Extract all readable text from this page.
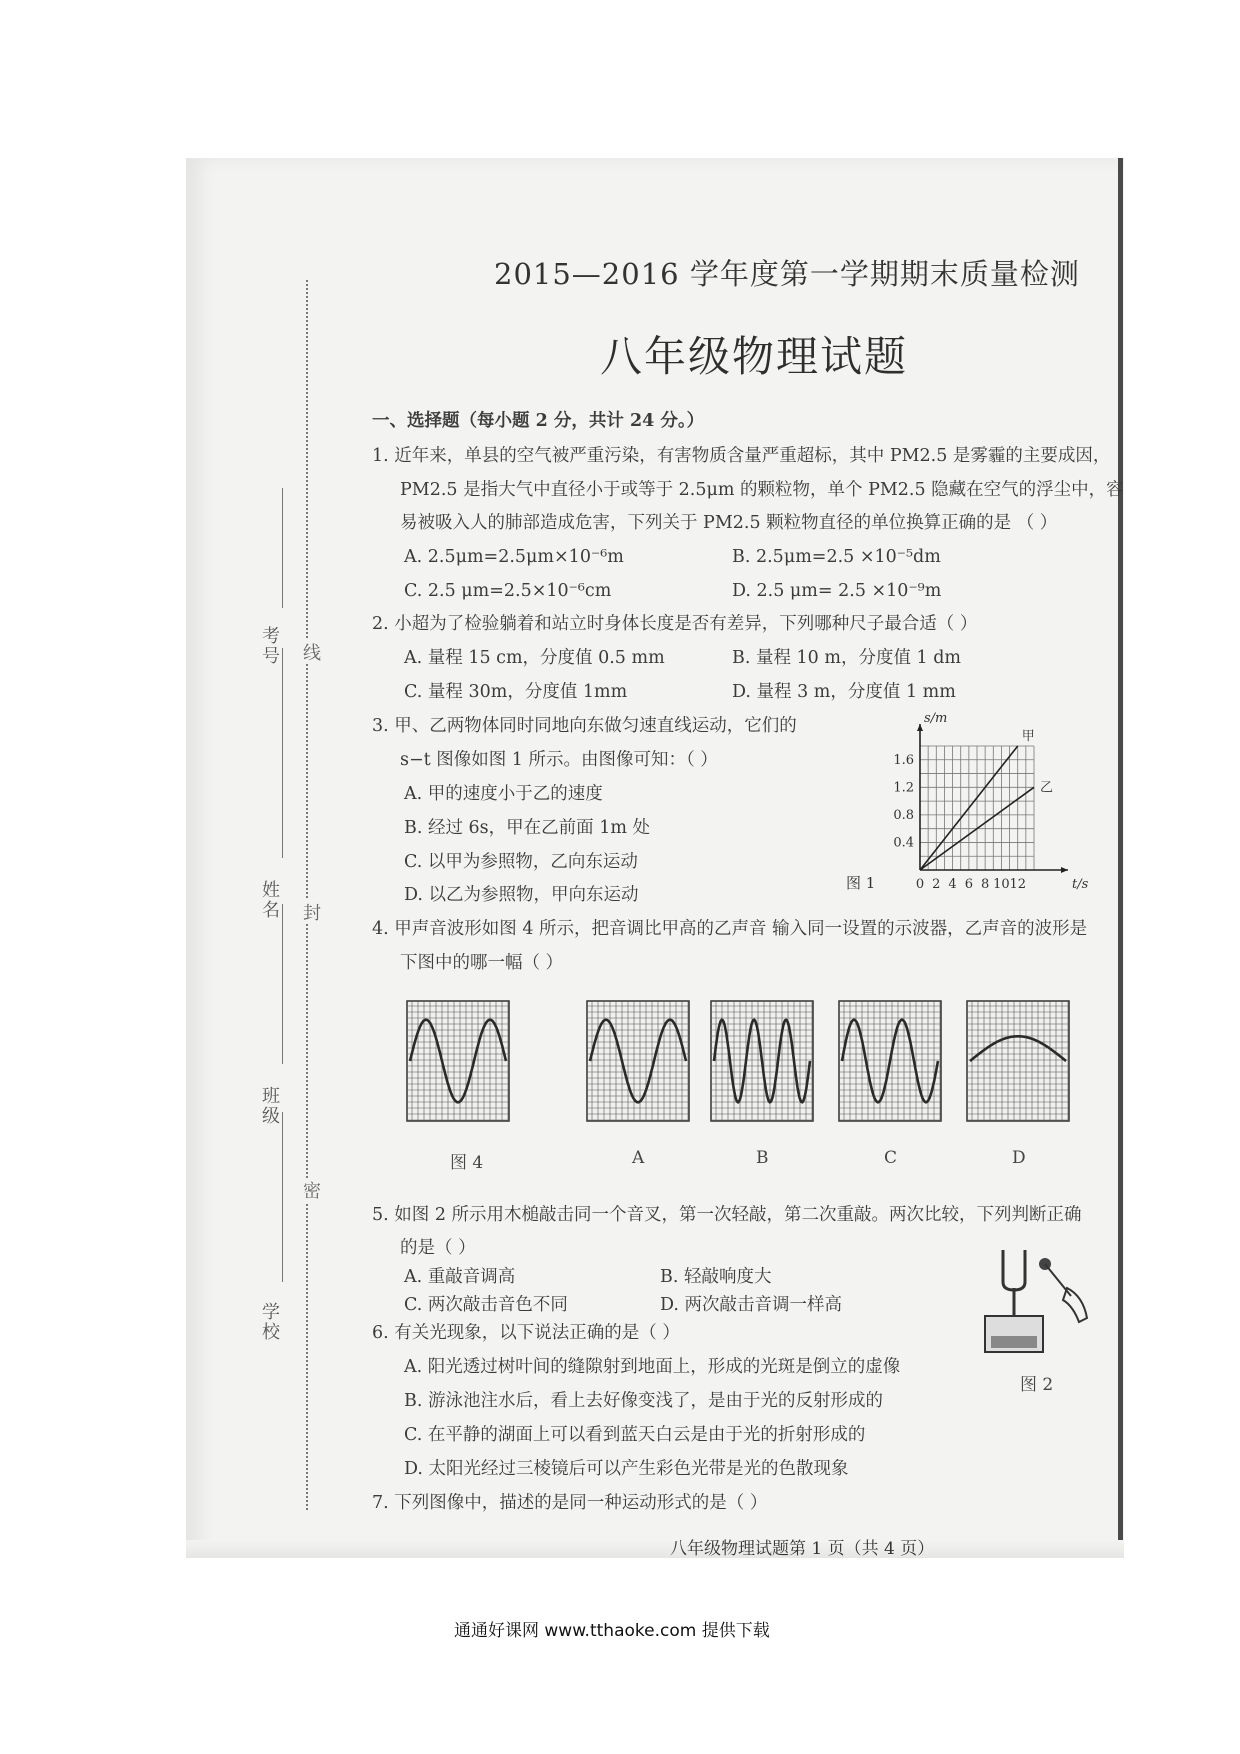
考号
姓名
班级
学校
线
封
密
2015—2016 学年度第一学期期末质量检测
八年级物理试题
一、选择题（每小题 2 分，共计 24 分。）
1. 近年来，单县的空气被严重污染，有害物质含量严重超标，其中 PM2.5 是雾霾的主要成因，
PM2.5 是指大气中直径小于或等于 2.5μm 的颗粒物，单个 PM2.5 隐藏在空气的浮尘中，容
易被吸入人的肺部造成危害，下列关于 PM2.5 颗粒物直径的单位换算正确的是 （ ）
A. 2.5μm=2.5μm×10⁻⁶m	B. 2.5μm=2.5 ×10⁻⁵dm
C. 2.5 μm=2.5×10⁻⁶cm	D. 2.5 μm= 2.5 ×10⁻⁹m
2. 小超为了检验躺着和站立时身体长度是否有差异，下列哪种尺子最合适（ ）
A. 量程 15 cm，分度值 0.5 mm	B. 量程 10 m，分度值 1 dm
C. 量程 30m，分度值 1mm	D. 量程 3 m，分度值 1 mm
3. 甲、乙两物体同时同地向东做匀速直线运动，它们的
s−t 图像如图 1 所示。由图像可知：（ ）
A. 甲的速度小于乙的速度
B. 经过 6s，甲在乙前面 1m 处
C. 以甲为参照物，乙向东运动
D. 以乙为参照物，甲向东运动
0 2 4 6 8 10 12
0.4
0.8
1.2
1.6
s/m
t/s
图 1
甲
乙
4. 甲声音波形如图 4 所示，把音调比甲高的乙声音 输入同一设置的示波器，乙声音的波形是
下图中的哪一幅（ ）
图 4	A	B	C	D
5. 如图 2 所示用木槌敲击同一个音叉，第一次轻敲，第二次重敲。两次比较，下列判断正确
的是（ ）
A. 重敲音调高	B. 轻敲响度大
C. 两次敲击音色不同	D. 两次敲击音调一样高
图 2
6. 有关光现象，以下说法正确的是（ ）
A. 阳光透过树叶间的缝隙射到地面上，形成的光斑是倒立的虚像
B. 游泳池注水后，看上去好像变浅了，是由于光的反射形成的
C. 在平静的湖面上可以看到蓝天白云是由于光的折射形成的
D. 太阳光经过三棱镜后可以产生彩色光带是光的色散现象
7. 下列图像中，描述的是同一种运动形式的是（ ）
八年级物理试题第 1 页（共 4 页）
通通好课网 www.tthaoke.com 提供下载
